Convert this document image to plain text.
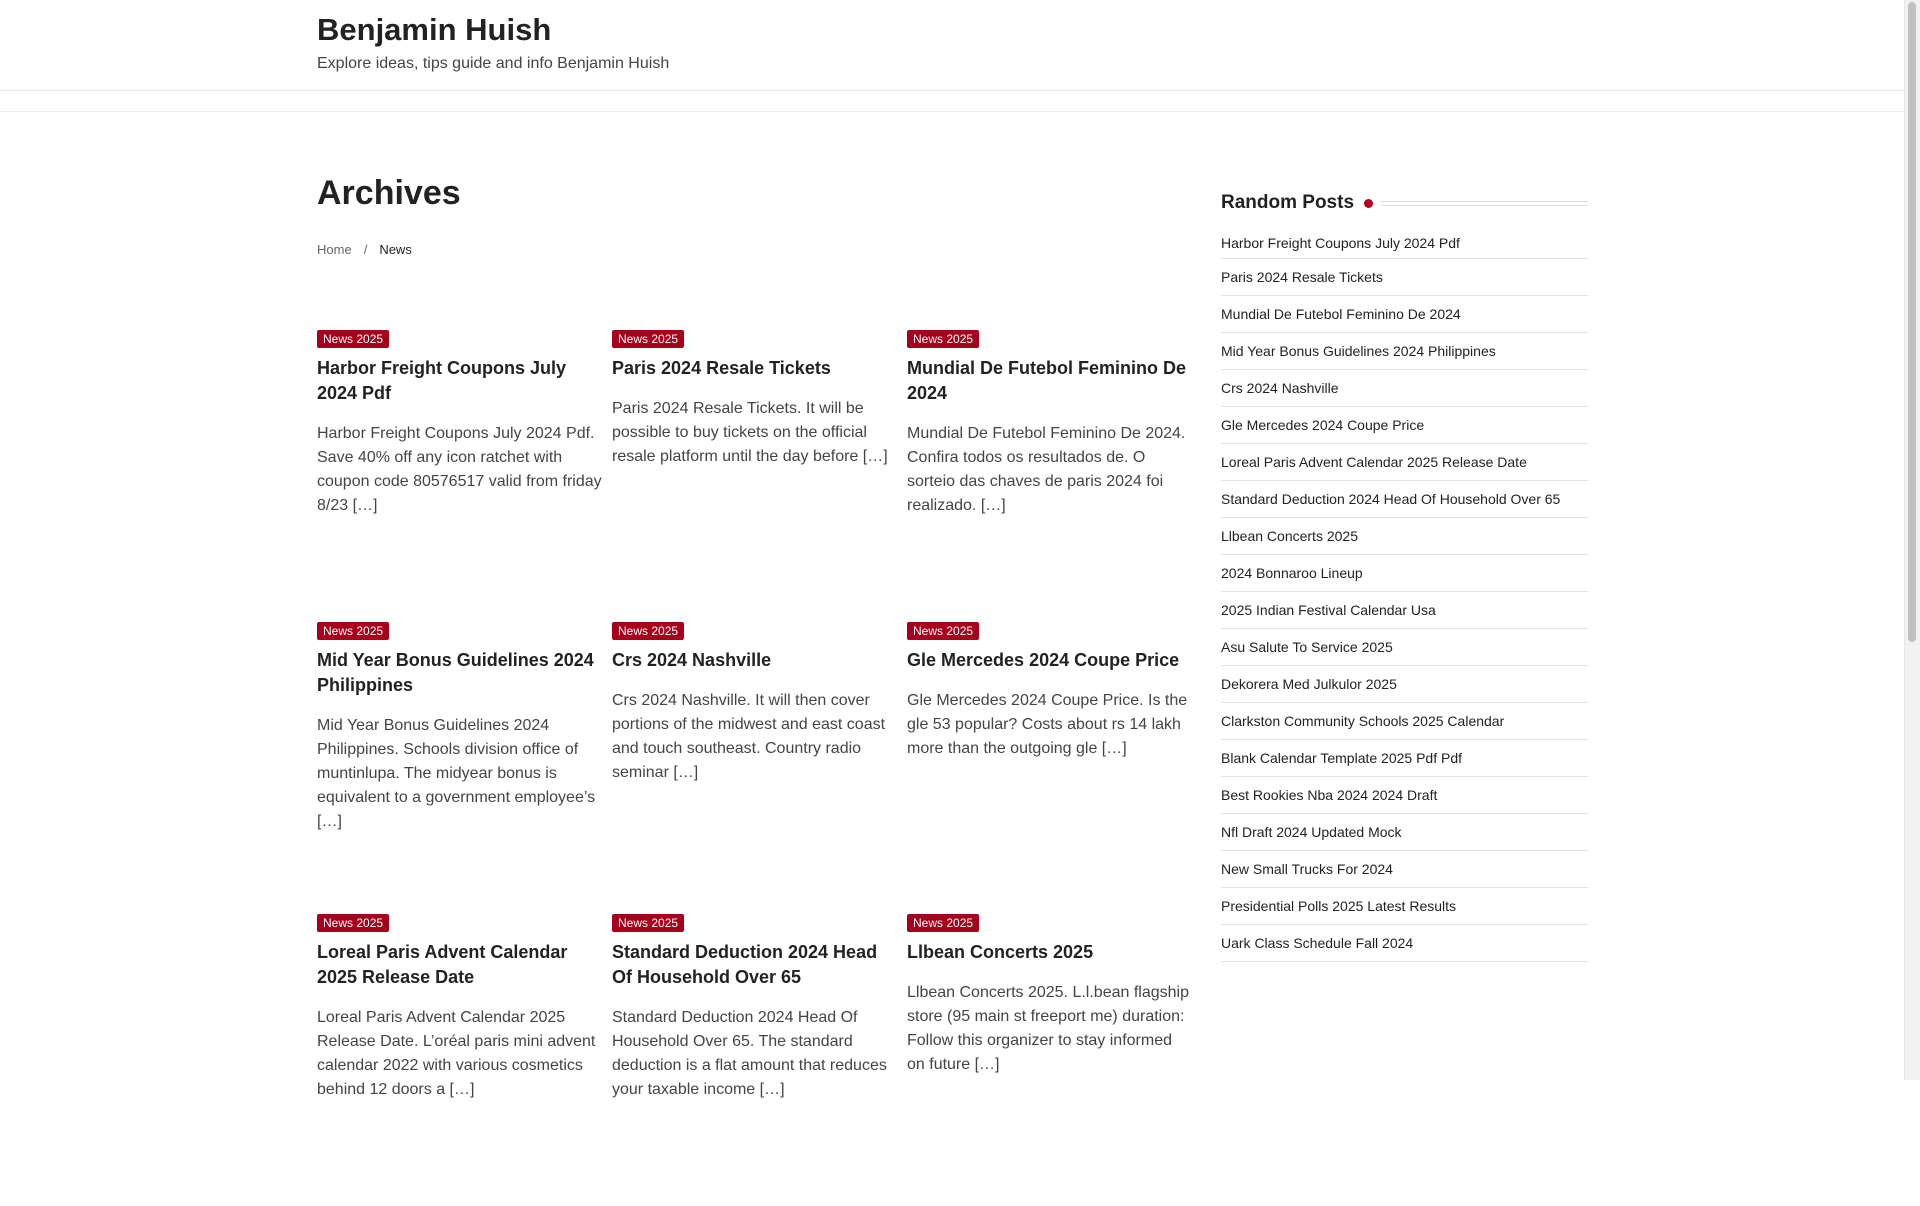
Benjamin Huish
Explore ideas, tips guide and info Benjamin Huish
Archives
Home / News
News 2025
Harbor Freight Coupons July 2024 Pdf

Harbor Freight Coupons July 2024 Pdf. Save 40% off any icon ratchet with coupon code 80576517 valid from friday 8/23 […]

News 2025
Paris 2024 Resale Tickets

Paris 2024 Resale Tickets. It will be possible to buy tickets on the official resale platform until the day before […]

News 2025
Mundial De Futebol Feminino De 2024

Mundial De Futebol Feminino De 2024. Confira todos os resultados de. O sorteio das chaves de paris 2024 foi realizado. […]

News 2025
Mid Year Bonus Guidelines 2024 Philippines

Mid Year Bonus Guidelines 2024 Philippines. Schools division office of muntinlupa. The midyear bonus is equivalent to a government employee’s […]

News 2025
Crs 2024 Nashville

Crs 2024 Nashville. It will then cover portions of the midwest and east coast and touch southeast. Country radio seminar […]

News 2025
Gle Mercedes 2024 Coupe Price

Gle Mercedes 2024 Coupe Price. Is the gle 53 popular? Costs about rs 14 lakh more than the outgoing gle […]

News 2025
Loreal Paris Advent Calendar 2025 Release Date

Loreal Paris Advent Calendar 2025 Release Date. L’oréal paris mini advent calendar 2022 with various cosmetics behind 12 doors a […]

News 2025
Standard Deduction 2024 Head Of Household Over 65

Standard Deduction 2024 Head Of Household Over 65. The standard deduction is a flat amount that reduces your taxable income […]

News 2025
Llbean Concerts 2025

Llbean Concerts 2025. L.l.bean flagship store (95 main st freeport me) duration: Follow this organizer to stay informed on future […]

Random Posts
Harbor Freight Coupons July 2024 Pdf
Paris 2024 Resale Tickets
Mundial De Futebol Feminino De 2024
Mid Year Bonus Guidelines 2024 Philippines
Crs 2024 Nashville
Gle Mercedes 2024 Coupe Price
Loreal Paris Advent Calendar 2025 Release Date
Standard Deduction 2024 Head Of Household Over 65
Llbean Concerts 2025
2024 Bonnaroo Lineup
2025 Indian Festival Calendar Usa
Asu Salute To Service 2025
Dekorera Med Julkulor 2025
Clarkston Community Schools 2025 Calendar
Blank Calendar Template 2025 Pdf Pdf
Best Rookies Nba 2024 2024 Draft
Nfl Draft 2024 Updated Mock
New Small Trucks For 2024
Presidential Polls 2025 Latest Results
Uark Class Schedule Fall 2024
